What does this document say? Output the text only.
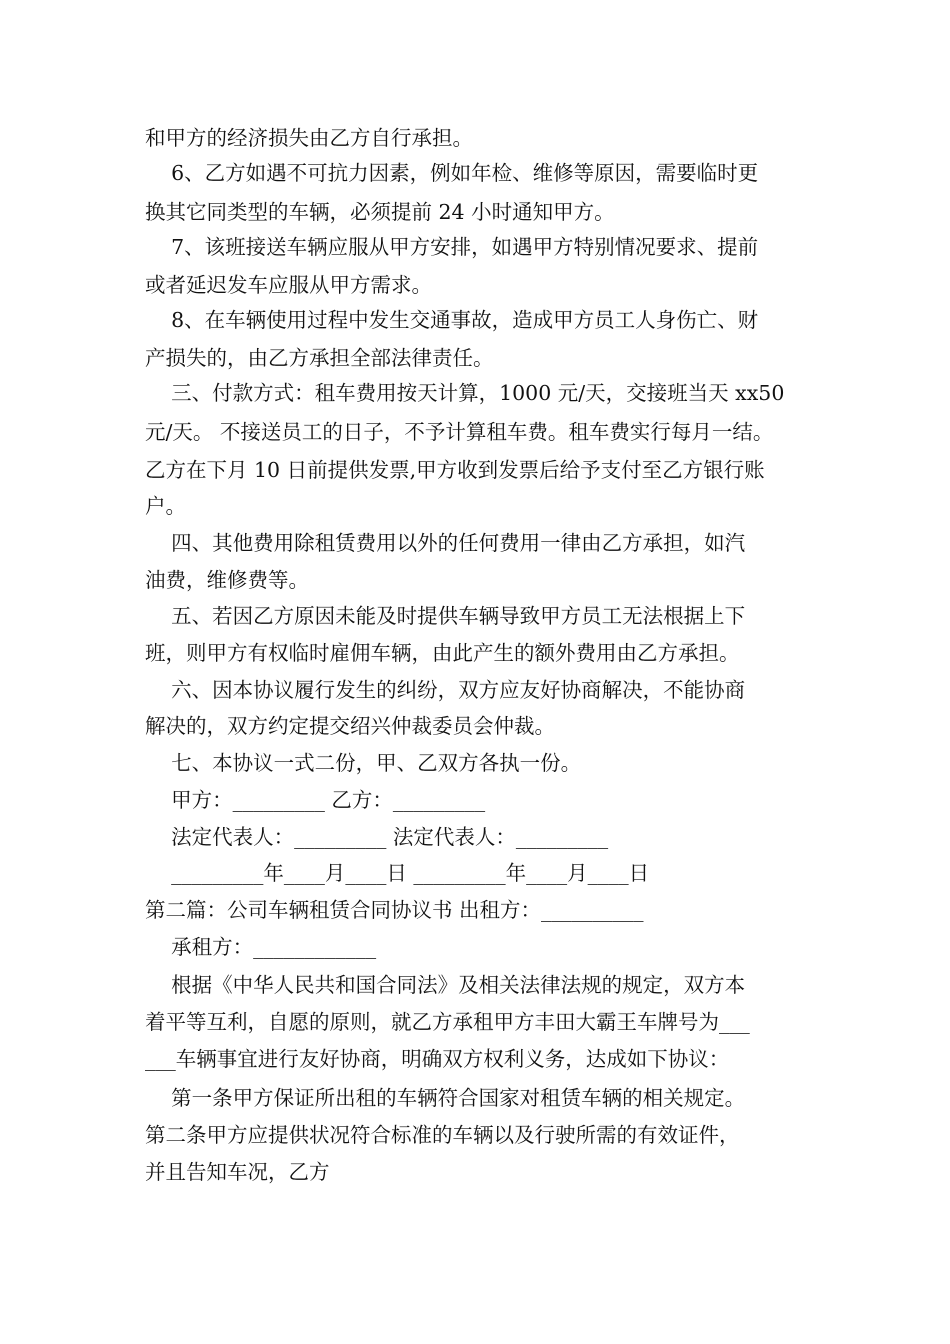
和甲方的经济损失由乙方自行承担。
6、乙方如遇不可抗力因素，例如年检、维修等原因，需要临时更
换其它同类型的车辆，必须提前 24 小时通知甲方。
7、该班接送车辆应服从甲方安排，如遇甲方特别情况要求、提前
或者延迟发车应服从甲方需求。
8、在车辆使用过程中发生交通事故，造成甲方员工人身伤亡、财
产损失的，由乙方承担全部法律责任。
三、付款方式：租车费用按天计算，1000 元/天，交接班当天 xx50
元/天。 不接送员工的日子，不予计算租车费。租车费实行每月一结。
乙方在下月 10 日前提供发票,甲方收到发票后给予支付至乙方银行账
户。
四、其他费用除租赁费用以外的任何费用一律由乙方承担，如汽
油费，维修费等。
五、若因乙方原因未能及时提供车辆导致甲方员工无法根据上下
班，则甲方有权临时雇佣车辆，由此产生的额外费用由乙方承担。
六、因本协议履行发生的纠纷，双方应友好协商解决，不能协商
解决的，双方约定提交绍兴仲裁委员会仲裁。
七、本协议一式二份，甲、乙双方各执一份。
甲方：_________ 乙方：_________
法定代表人：_________ 法定代表人：_________
_________年____月____日 _________年____月____日
第二篇：公司车辆租赁合同协议书 出租方：__________
承租方：____________
根据《中华人民共和国合同法》及相关法律法规的规定，双方本
着平等互利，自愿的原则，就乙方承租甲方丰田大霸王车牌号为___
___车辆事宜进行友好协商，明确双方权利义务，达成如下协议：
第一条甲方保证所出租的车辆符合国家对租赁车辆的相关规定。
第二条甲方应提供状况符合标准的车辆以及行驶所需的有效证件，
并且告知车况，乙方
